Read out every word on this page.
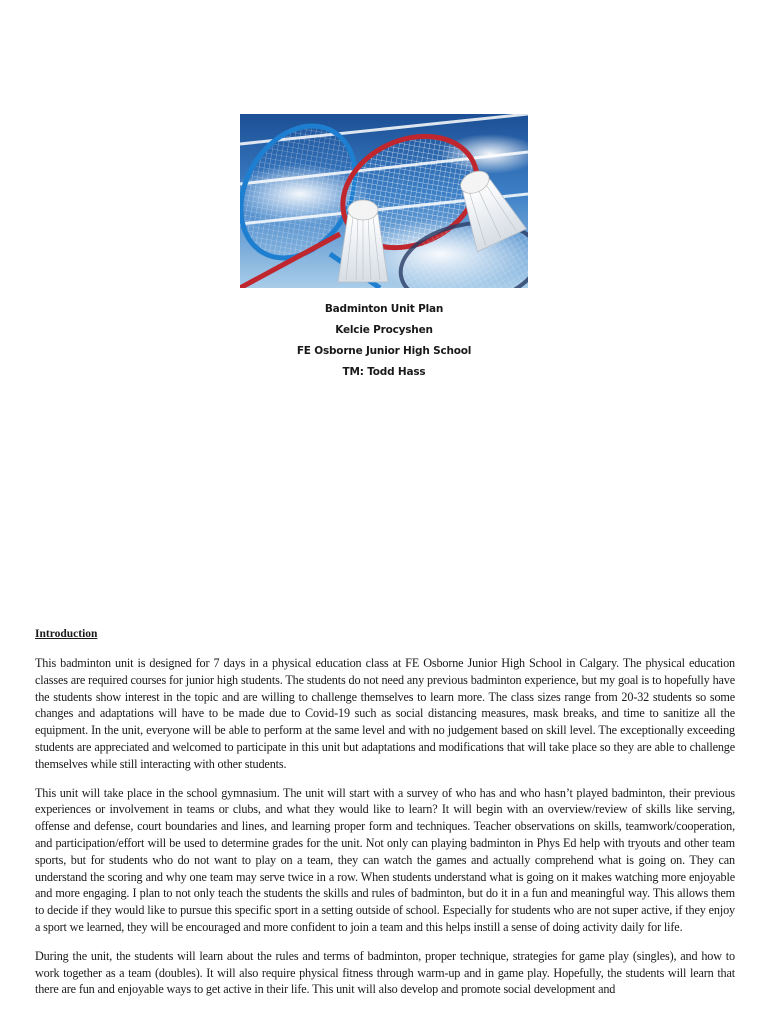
Badminton Unit Plan
Kelcie Procyshen
FE Osborne Junior High School
TM: Todd Hass
Introduction

This badminton unit is designed for 7 days in a physical education class at FE Osborne Junior High School in Calgary. The physical education classes are required courses for junior high students. The students do not need any previous badminton experience, but my goal is to hopefully have the students show interest in the topic and are willing to challenge themselves to learn more. The class sizes range from 20-32 students so some changes and adaptations will have to be made due to Covid-19 such as social distancing measures, mask breaks, and time to sanitize all the equipment. In the unit, everyone will be able to perform at the same level and with no judgement based on skill level. The exceptionally exceeding students are appreciated and welcomed to participate in this unit but adaptations and modifications that will take place so they are able to challenge themselves while still interacting with other students.

This unit will take place in the school gymnasium. The unit will start with a survey of who has and who hasn’t played badminton, their previous experiences or involvement in teams or clubs, and what they would like to learn? It will begin with an overview/review of skills like serving, offense and defense, court boundaries and lines, and learning proper form and techniques. Teacher observations on skills, teamwork/cooperation, and participation/effort will be used to determine grades for the unit. Not only can playing badminton in Phys Ed help with tryouts and other team sports, but for students who do not want to play on a team, they can watch the games and actually comprehend what is going on. They can understand the scoring and why one team may serve twice in a row. When students understand what is going on it makes watching more enjoyable and more engaging. I plan to not only teach the students the skills and rules of badminton, but do it in a fun and meaningful way. This allows them to decide if they would like to pursue this specific sport in a setting outside of school. Especially for students who are not super active, if they enjoy a sport we learned, they will be encouraged and more confident to join a team and this helps instill a sense of doing activity daily for life.

During the unit, the students will learn about the rules and terms of badminton, proper technique, strategies for game play (singles), and how to work together as a team (doubles). It will also require physical fitness through warm-up and in game play. Hopefully, the students will learn that there are fun and enjoyable ways to get active in their life. This unit will also develop and promote social development and
